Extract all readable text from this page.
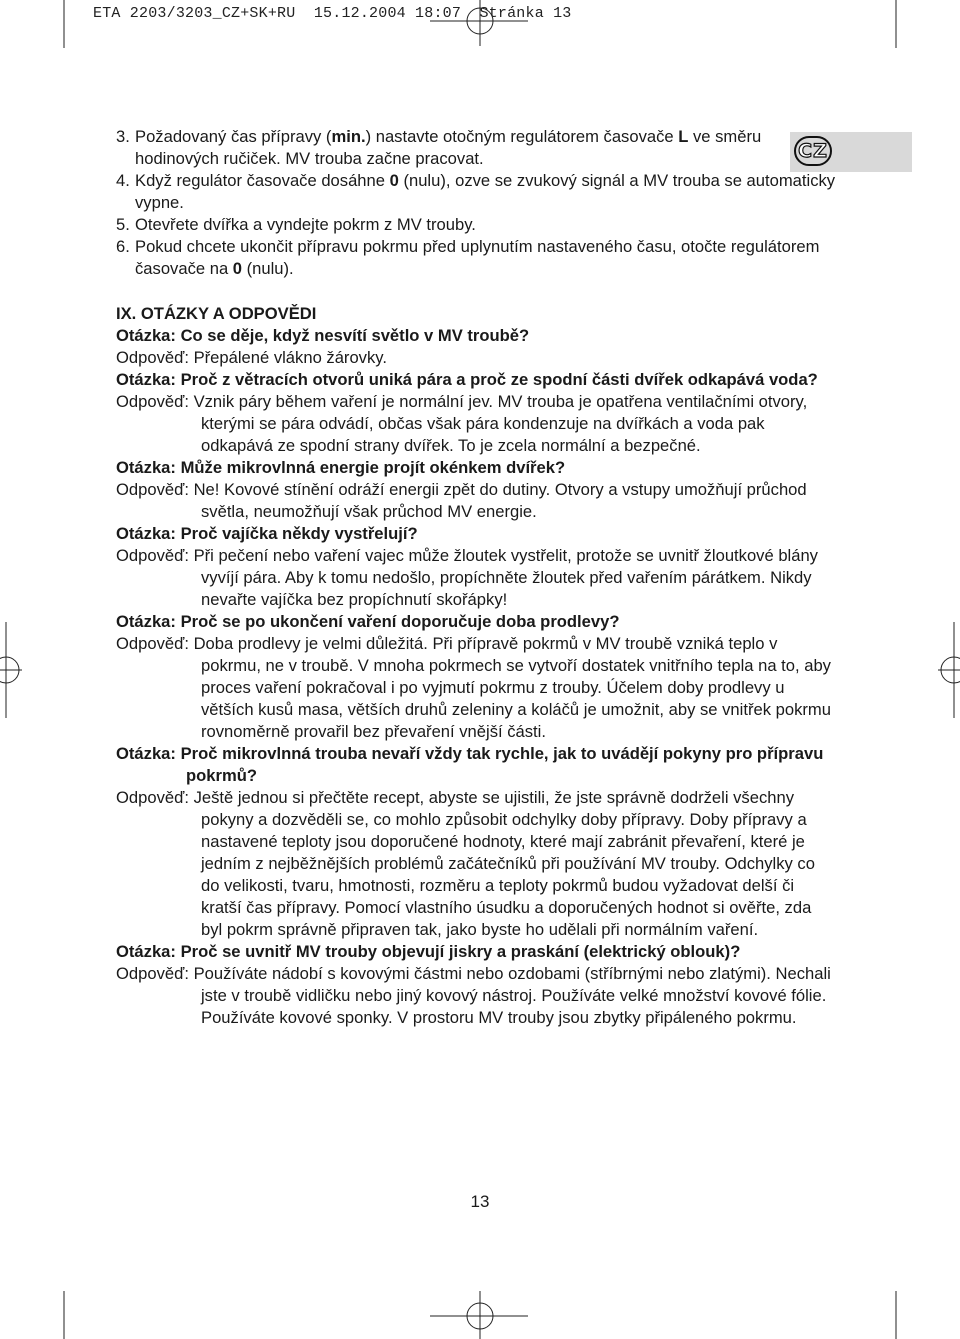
ETA 2203/3203_CZ+SK+RU 15.12.2004 18:07 Stránka 13
CZ
3. Požadovaný čas přípravy (min.) nastavte otočným regulátorem časovače L ve směru hodinových ručiček. MV trouba začne pracovat.
4. Když regulátor časovače dosáhne 0 (nulu), ozve se zvukový signál a MV trouba se automaticky vypne.
5. Otevřete dvířka a vyndejte pokrm z MV trouby.
6. Pokud chcete ukončit přípravu pokrmu před uplynutím nastaveného času, otočte regulátorem časovače na 0 (nulu).
IX. OTÁZKY A ODPOVĚDI
Otázka: Co se děje, když nesvítí světlo v MV troubě?
Odpověď: Přepálené vlákno žárovky.
Otázka: Proč z větracích otvorů uniká pára a proč ze spodní části dvířek odkapává voda?
Odpověď: Vznik páry během vaření je normální jev. MV trouba je opatřena ventilačními otvory, kterými se pára odvádí, občas však pára kondenzuje na dvířkách a voda pak odkapává ze spodní strany dvířek. To je zcela normální a bezpečné.
Otázka: Může mikrovlnná energie projít okénkem dvířek?
Odpověď: Ne! Kovové stínění odráží energii zpět do dutiny. Otvory a vstupy umožňují průchod světla, neumožňují však průchod MV energie.
Otázka: Proč vajíčka někdy vystřelují?
Odpověď: Při pečení nebo vaření vajec může žloutek vystřelit, protože se uvnitř žloutkové blány vyvíjí pára. Aby k tomu nedošlo, propíchněte žloutek před vařením párátkem. Nikdy nevařte vajíčka bez propíchnutí skořápky!
Otázka: Proč se po ukončení vaření doporučuje doba prodlevy?
Odpověď: Doba prodlevy je velmi důležitá. Při přípravě pokrmů v MV troubě vzniká teplo v pokrmu, ne v troubě. V mnoha pokrmech se vytvoří dostatek vnitřního tepla na to, aby proces vaření pokračoval i po vyjmutí pokrmu z trouby. Účelem doby prodlevy u větších kusů masa, větších druhů zeleniny a koláčů je umožnit, aby se vnitřek pokrmu rovnoměrně provařil bez převaření vnější části.
Otázka: Proč mikrovlnná trouba nevaří vždy tak rychle, jak to uvádějí pokyny pro přípravu pokrmů?
Odpověď: Ještě jednou si přečtěte recept, abyste se ujistili, že jste správně dodrželi všechny pokyny a dozvěděli se, co mohlo způsobit odchylky doby přípravy. Doby přípravy a nastavené teploty jsou doporučené hodnoty, které mají zabránit převaření, které je jedním z nejběžnějších problémů začátečníků při používání MV trouby. Odchylky co do velikosti, tvaru, hmotnosti, rozměru a teploty pokrmů budou vyžadovat delší či kratší čas přípravy. Pomocí vlastního úsudku a doporučených hodnot si ověřte, zda byl pokrm správně připraven tak, jako byste ho udělali při normálním vaření.
Otázka: Proč se uvnitř MV trouby objevují jiskry a praskání (elektrický oblouk)?
Odpověď: Používáte nádobí s kovovými částmi nebo ozdobami (stříbrnými nebo zlatými). Nechali jste v troubě vidličku nebo jiný kovový nástroj. Používáte velké množství kovové fólie. Používáte kovové sponky. V prostoru MV trouby jsou zbytky připáleného pokrmu.
13
